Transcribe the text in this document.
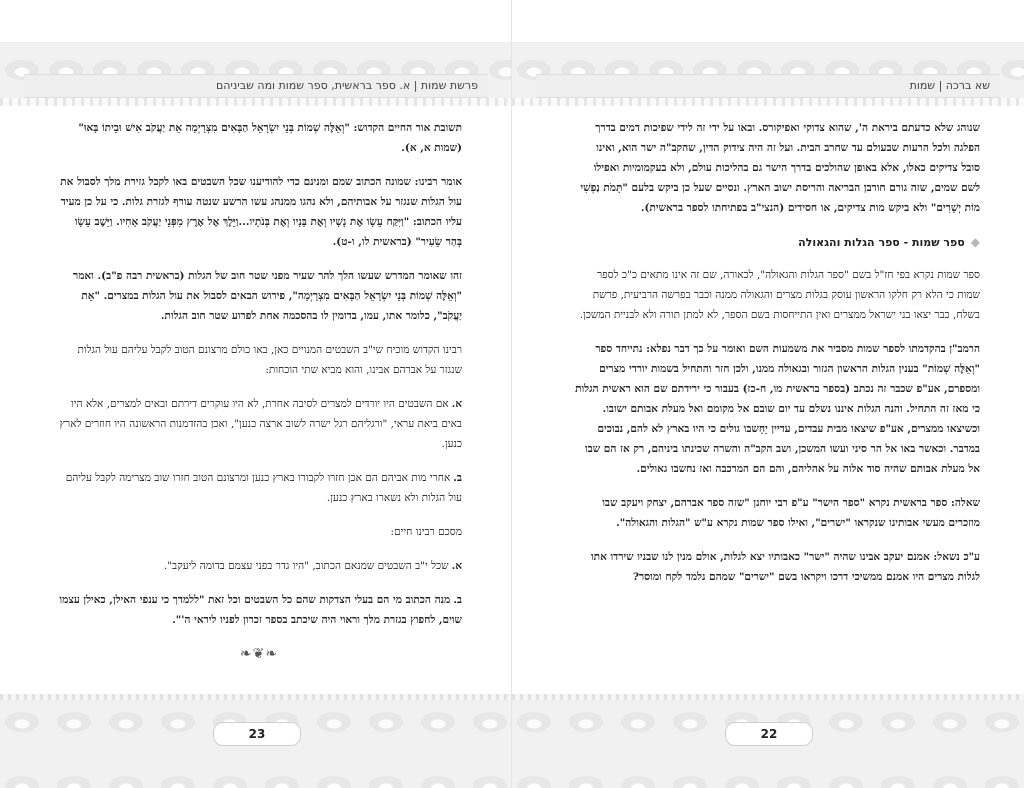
פרשת שמות | א. ספר בראשית, ספר שמות ומה שביניהם

תשובת אור החיים הקדוש: "וְאֵלֶּה שְׁמוֹת בְּנֵי יִשְׂרָאֵל הַבָּאִים מִצְרָיְמָה אֵת יַעֲקֹב אִישׁ וּבֵיתוֹ בָּאוּ" (שמות א, א).

אומר רבינו: שמונה הכתוב שמם ומנינם כדי להודיענו שכל השבטים באו לקבל גזירת מלך לסבול את עול הגלות שנגזר על אבותיהם, ולא נהגו ממנהג עשו הרשע שנטה עורף לגזרת גלות. כי על כן מעיד עליו הכתוב: "וַיִּקַּח עֵשָׂו אֶת נָשָׁיו וְאֶת בָּנָיו וְאֶת בְּנֹתָיו...וַיֵּלֶךְ אֶל אֶרֶץ מִפְּנֵי יַעֲקֹב אָחִיו. וַיֵּשֶׁב עֵשָׂו בְּהַר שֵׂעִיר" (בראשית לו, ו-ט).

זהו שאומר המדרש שעשו הלך להר שעיר מפני שטר חוב של הגלות (בראשית רבה פ"ב). ואמר "וְאֵלֶּה שְׁמוֹת בְּנֵי יִשְׂרָאֵל הַבָּאִים מִצְרָיְמָה", פירוש הבאים לסבול את עול הגלות במצרים. "אֵת יַעֲקֹב", כלומר אתו, עמו, בדומין לו בהסכמה אחת לפרוע שטר חוב הגלות.

רבינו הקדוש מוכיח שי"ב השבטים המנויים כאן, באו כולם מרצונם הטוב לקבל עליהם עול הגלות שנגזר על אברהם אבינו, והוא מביא שתי הוכחות:

א.אם השבטים היו יורדים למצרים לסיבה אחרת, לא היו עוקרים דירתם ובאים למצרים, אלא היו באים ביאת עראי, "ורגליהם רגל ישרה לשוב ארצה כנען", ואכן בהזדמנות הראשונה היו חוזרים לארץ כנען.

ב.אחרי מות אביהם הם אכן חזרו לקבורו בארץ כנען ומרצונם הטוב חזרו שוב מצרימה לקבל עליהם עול הגלות ולא נשארו בארץ כנען.

מסכם רבינו חיים:

א.שכל י"ב השבטים שמנאם הכתוב, "היו גדר בפני עצמם בדומה ליעקב".

ב.מנה הכתוב מי הם בעלי הצדקות שהם כל השבטים וכל זאת "ללמדך כי ענפי האילן, כאילן עצמו שוים, לחפוץ בגזרת מלך וראוי היה שיכתב בספר זכרון לפניו ליראי ה'".

❧❦❧
23
שא ברכה | שמות

שנוהג שלא כדעתם ביראת ה', שהוא צדוקי ואפיקורס. ובאו על ידי זה לידי שפיכות דמים בדרך הפלגה ולכל הרעות שבעולם עד שחרב הבית. ועל זה היה צידוק הדין, שהקב"ה ישר הוא, ואינו סובל צדיקים כאלו, אלא באופן שהולכים בדרך הישר גם בהליכות עולם, ולא בעקמומיות ואפילו לשם שמים, שזה גורם חורבן הבריאה והריסת ישוב הארץ. ונסיים שעל כן ביקש בלעם "תָּמֹת נַפְשִׁי מוֹת יְשָׁרִים" ולא ביקש מות צדיקים, או חסידים (הנצי"ב בפתיחתו לספר בראשית).

◆ספר שמות - ספר הגלות והגאולה

ספר שמות נקרא בפי חז"ל בשם "ספר הגלות והגאולה", לכאורה, שם זה אינו מתאים כ"כ לספר שמות כי הלא רק חלקו הראשון עוסק בגלות מצרים והגאולה ממנה וכבר בפרשה הרביעית, פרשת בשלח, כבר יצאו בני ישראל ממצרים ואין התייחסות בשם הספר, לא למתן תורה ולא לבניית המשכן.

הרמב"ן בהקדמתו לספר שמות מסביר את משמעות השם ואומר על כך דבר נפלא: נתייחד ספר "וְאֵלֶּה שְׁמוֹת" בענין הגלות הראשון הגזור ובגאולה ממנו, ולכן חזר והתחיל בשמות יורדי מצרים ומספרם, אע"פ שכבר זה נכתב (בספר בראשית מו, ח-כז) בעבור כי ירידתם שם הוא ראשית הגלות כי מאז זה התחיל. והנה הגלות איננו נשלם עד יום שובם אל מקומם ואל מעלת אבותם ישובו. וכשיצאו ממצרים, אע"פ שיצאו מבית עבדים, עדיין יֵחָשבו גולים כי היו בארץ לא להם, נבוכים במדבר. וכאשר באו אל הר סיני ועשו המשכן, ושב הקב"ה והשרה שכינתו ביניהם, רק אז הם שבו אל מעלת אבותם שהיה סוד אלוה על אהליהם, והם הם המרכבה ואז נחשבו גאולים.

שאלה: ספר בראשית נקרא "ספר הישר" ע"פ רבי יוחנן "שזה ספר אברהם, יצחק ויעקב שבו מוזכרים מעשי אבותינו שנקראו "ישרים", ואילו ספר שמות נקרא ע"ש "הגלות והגאולה".

ע"כ נשאל: אמנם יעקב אבינו שהיה "ישר" כאבותיו יצא לגלות, אולם מנין לנו שבניו שירדו אתו לגלות מצרים היו אמנם ממשיכי דרכו ויקראו בשם "ישרים" שמהם נלמד לקח ומוסר?

22
